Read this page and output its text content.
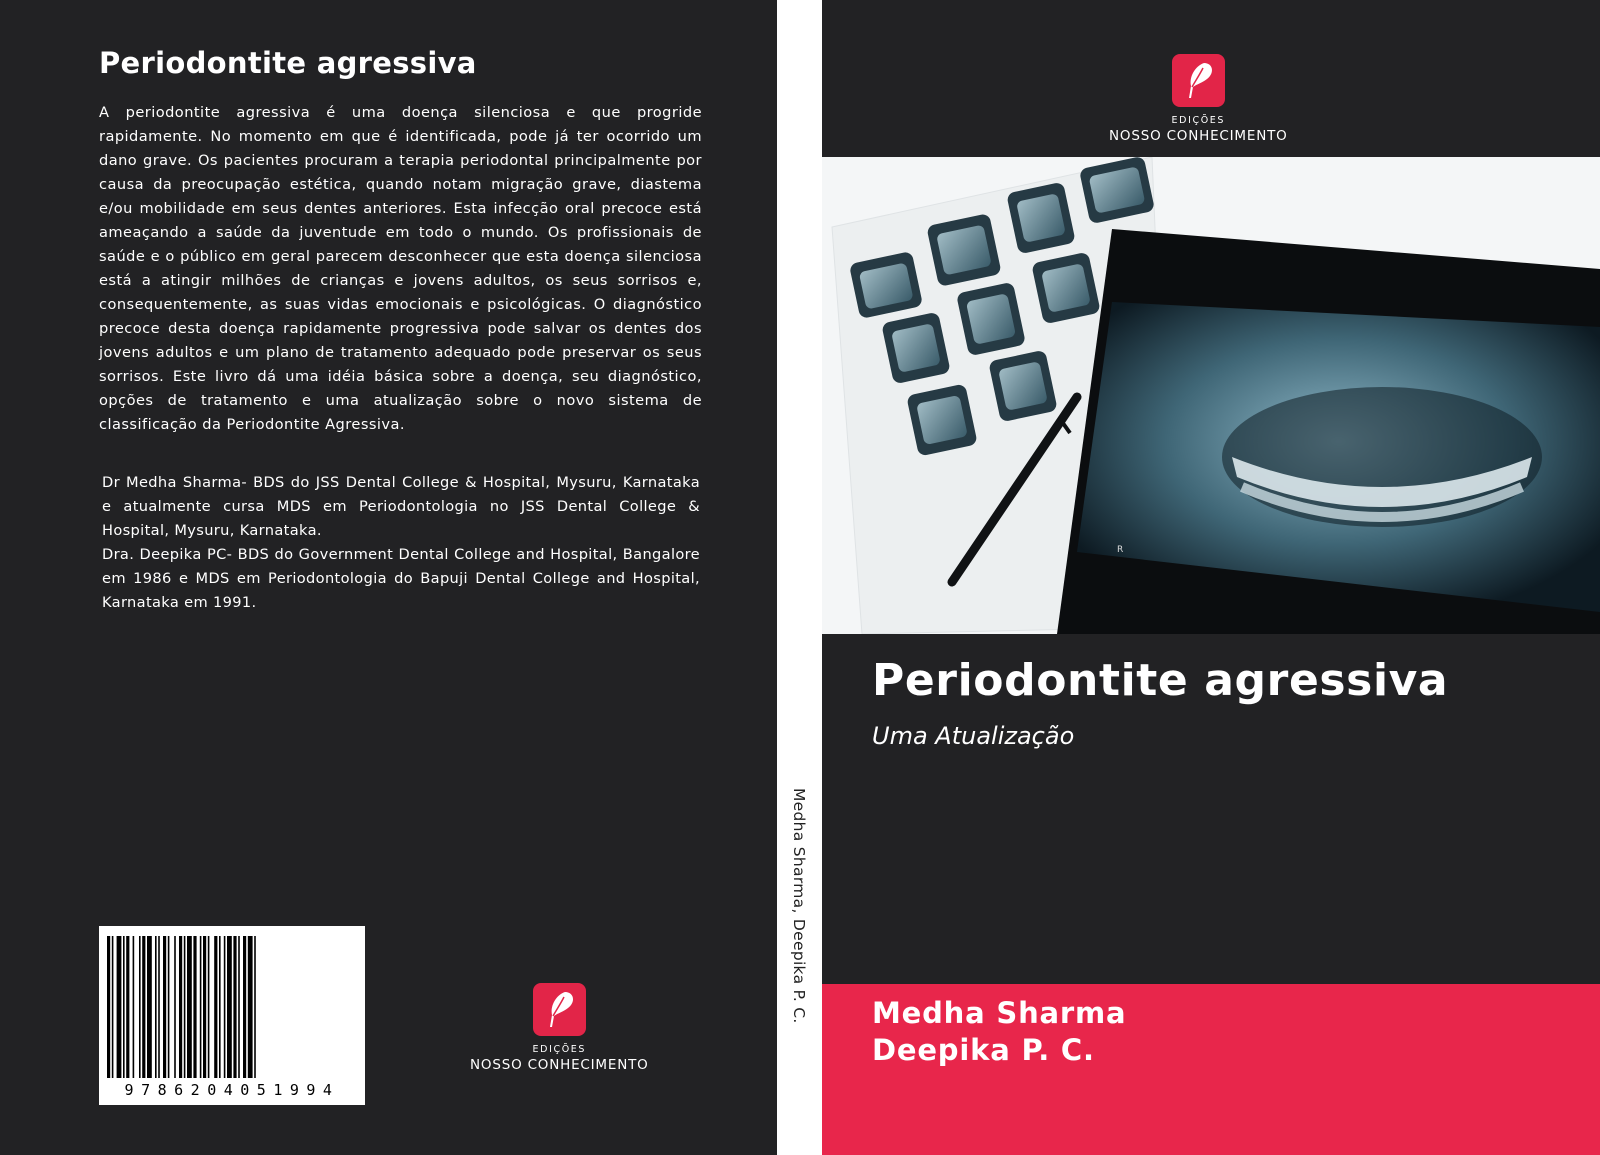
Periodontite agressiva
A periodontite agressiva é uma doença silenciosa e que progride rapidamente. No momento em que é identificada, pode já ter ocorrido um dano grave. Os pacientes procuram a terapia periodontal principalmente por causa da preocupação estética, quando notam migração grave, diastema e/ou mobilidade em seus dentes anteriores. Esta infecção oral precoce está ameaçando a saúde da juventude em todo o mundo. Os profissionais de saúde e o público em geral parecem desconhecer que esta doença silenciosa está a atingir milhões de crianças e jovens adultos, os seus sorrisos e, consequentemente, as suas vidas emocionais e psicológicas. O diagnóstico precoce desta doença rapidamente progressiva pode salvar os dentes dos jovens adultos e um plano de tratamento adequado pode preservar os seus sorrisos. Este livro dá uma idéia básica sobre a doença, seu diagnóstico, opções de tratamento e uma atualização sobre o novo sistema de classificação da Periodontite Agressiva.

Dr Medha Sharma- BDS do JSS Dental College & Hospital, Mysuru, Karnataka e atualmente cursa MDS em Periodontologia no JSS Dental College & Hospital, Mysuru, Karnataka.

Dra. Deepika PC- BDS do Government Dental College and Hospital, Bangalore em 1986 e MDS em Periodontologia do Bapuji Dental College and Hospital, Karnataka em 1991.

9786204051994
EDIÇÕES
NOSSO CONHECIMENTO
Medha Sharma, Deepika P. C.
EDIÇÕES
NOSSO CONHECIMENTO
R
Periodontite agressiva
Uma Atualização
Medha Sharma
Deepika P. C.
